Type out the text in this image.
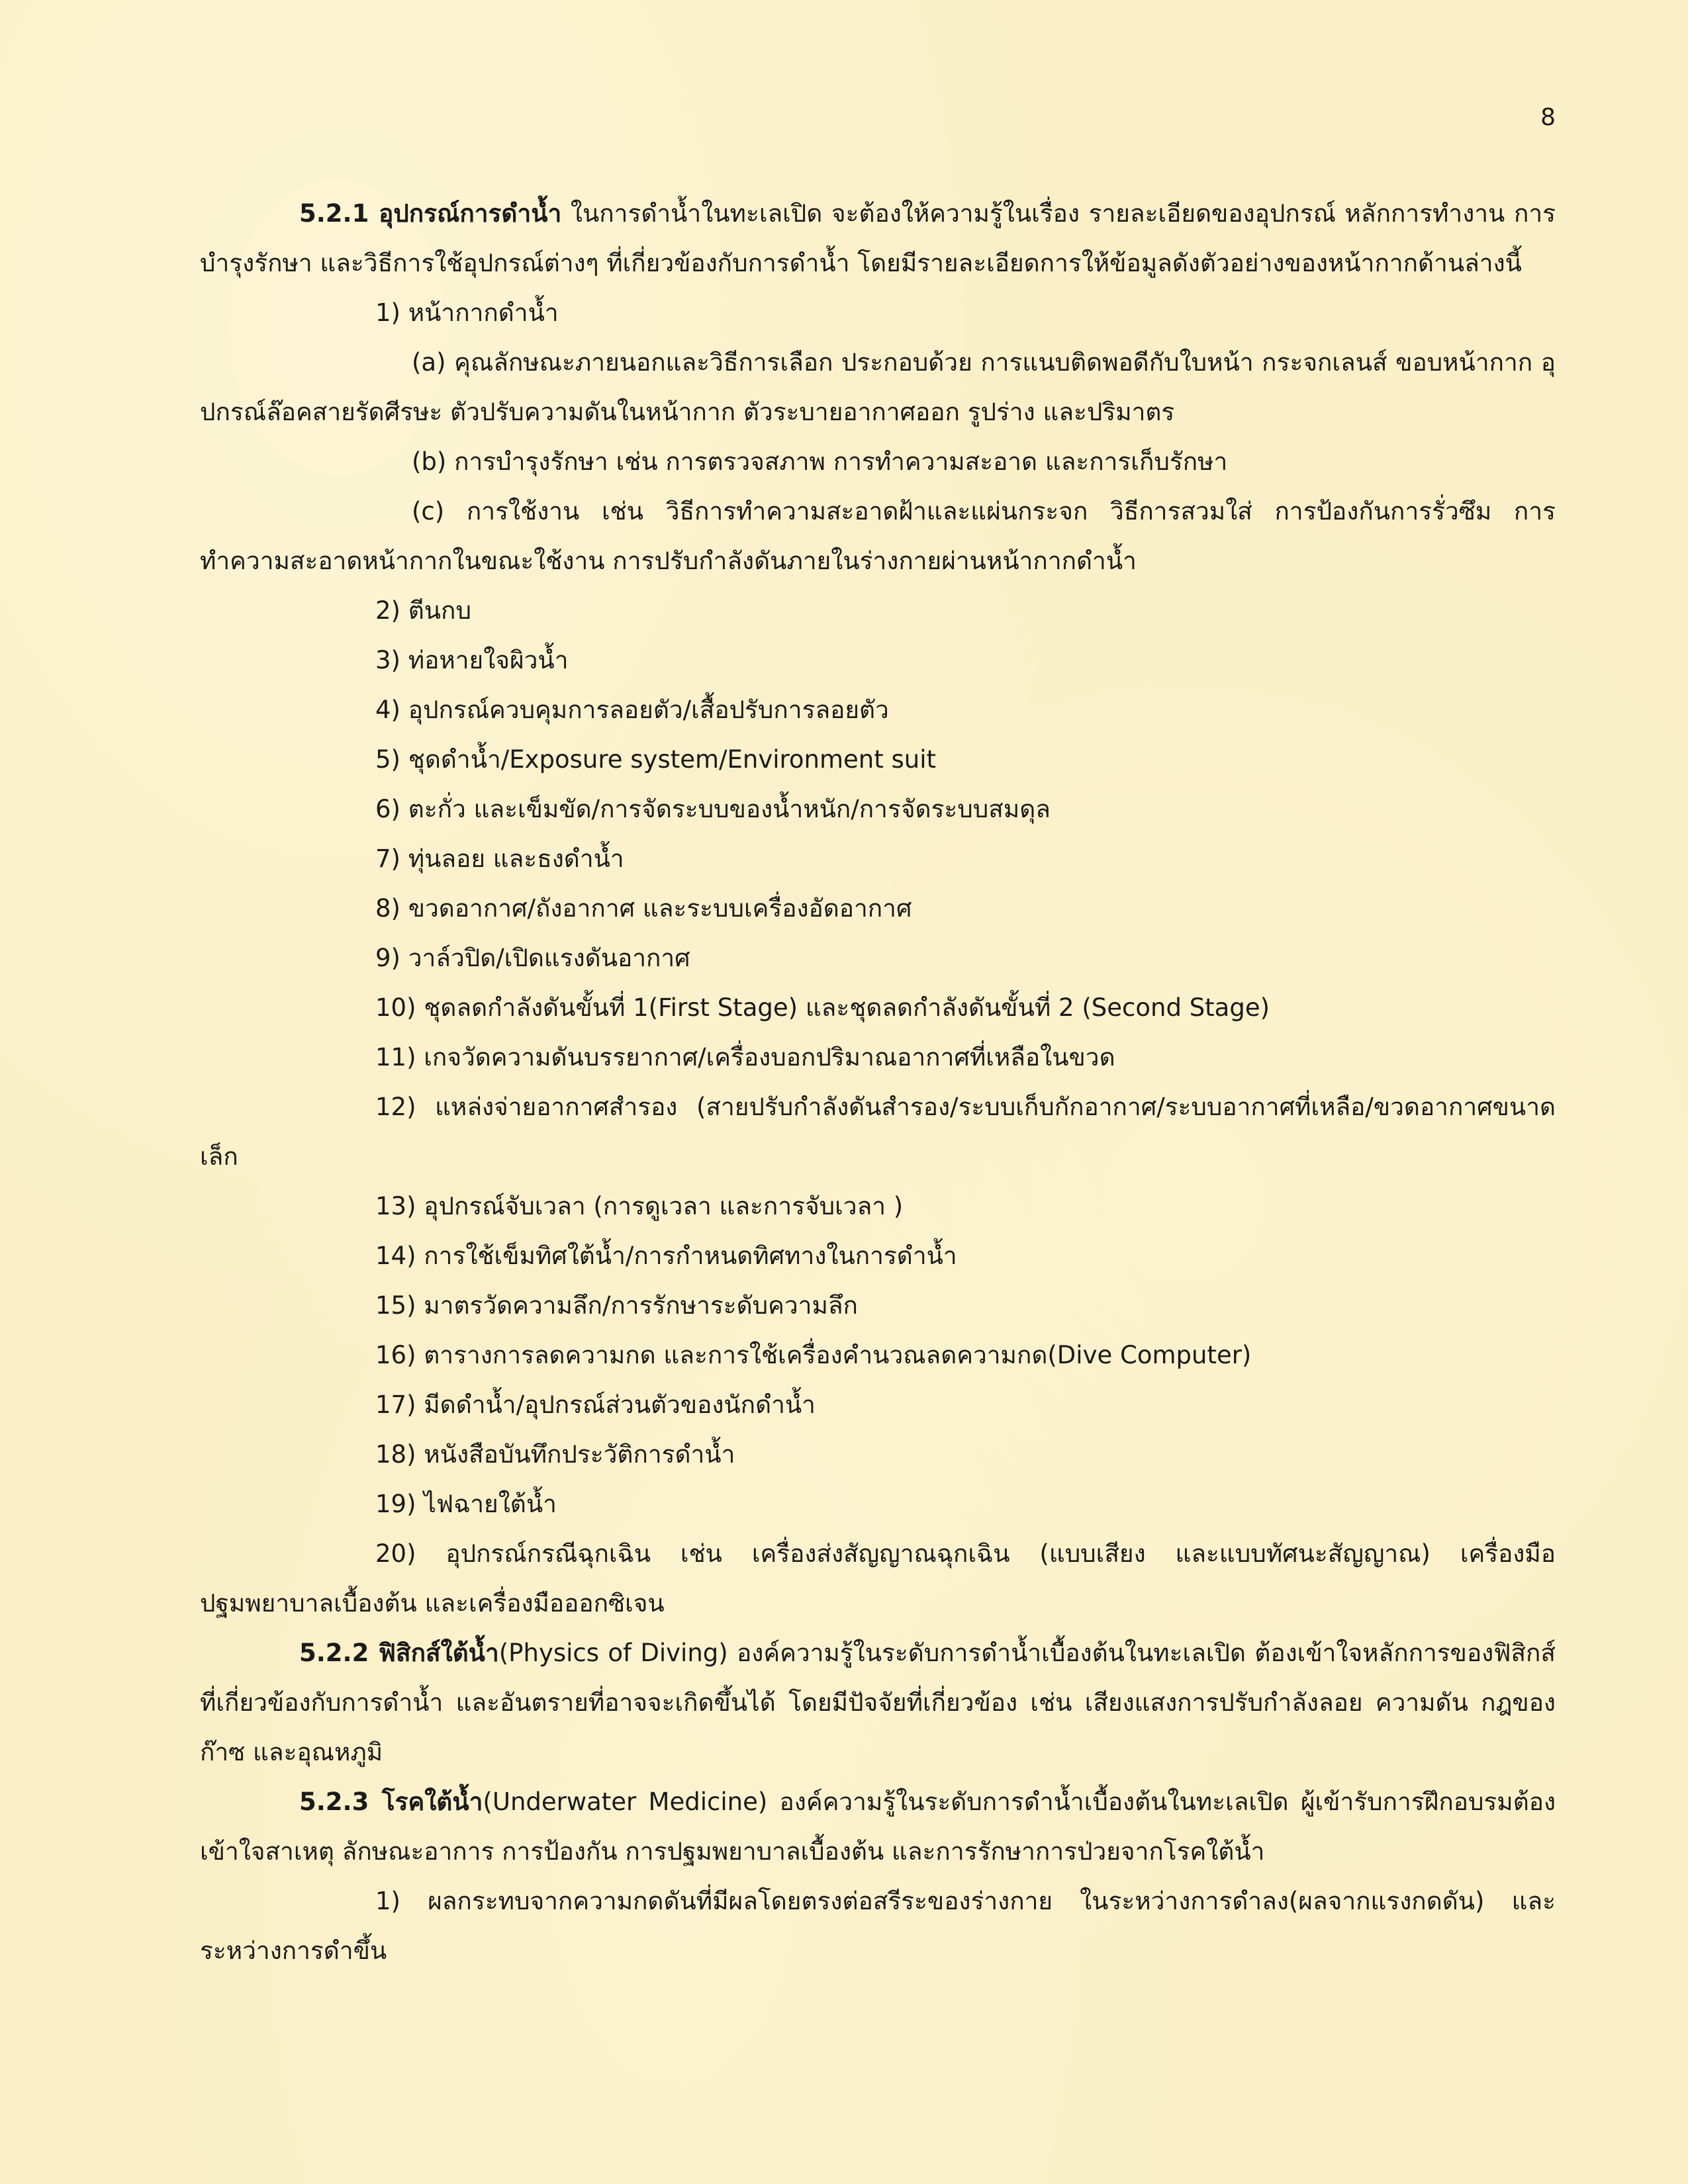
8

5.2.1 อุปกรณ์การดำน้ำ ในการดำน้ำในทะเลเปิด จะต้องให้ความรู้ในเรื่อง รายละเอียดของอุปกรณ์ หลักการทำงาน การบำรุงรักษา และวิธีการใช้อุปกรณ์ต่างๆ ที่เกี่ยวข้องกับการดำน้ำ โดยมีรายละเอียดการให้ข้อมูลดังตัวอย่างของหน้ากากด้านล่างนี้

1) หน้ากากดำน้ำ

(a) คุณลักษณะภายนอกและวิธีการเลือก ประกอบด้วย การแนบติดพอดีกับใบหน้า กระจกเลนส์ ขอบหน้ากาก อุปกรณ์ล๊อคสายรัดศีรษะ ตัวปรับความดันในหน้ากาก ตัวระบายอากาศออก รูปร่าง และปริมาตร

(b) การบำรุงรักษา เช่น การตรวจสภาพ การทำความสะอาด และการเก็บรักษา

(c) การใช้งาน เช่น วิธีการทำความสะอาดฝ้าและแผ่นกระจก วิธีการสวมใส่ การป้องกันการรั่วซึม การทำความสะอาดหน้ากากในขณะใช้งาน การปรับกำลังดันภายในร่างกายผ่านหน้ากากดำน้ำ

2) ตีนกบ

3) ท่อหายใจผิวน้ำ

4) อุปกรณ์ควบคุมการลอยตัว/เสื้อปรับการลอยตัว

5) ชุดดำน้ำ/Exposure system/Environment suit

6) ตะกั่ว และเข็มขัด/การจัดระบบของน้ำหนัก/การจัดระบบสมดุล

7) ทุ่นลอย และธงดำน้ำ

8) ขวดอากาศ/ถังอากาศ และระบบเครื่องอัดอากาศ

9) วาล์วปิด/เปิดแรงดันอากาศ

10) ชุดลดกำลังดันขั้นที่ 1(First Stage) และชุดลดกำลังดันขั้นที่ 2 (Second Stage)

11) เกจวัดความดันบรรยากาศ/เครื่องบอกปริมาณอากาศที่เหลือในขวด

12) แหล่งจ่ายอากาศสำรอง (สายปรับกำลังดันสำรอง/ระบบเก็บกักอากาศ/ระบบอากาศที่เหลือ/ขวดอากาศขนาดเล็ก

13) อุปกรณ์จับเวลา (การดูเวลา และการจับเวลา )

14) การใช้เข็มทิศใต้น้ำ/การกำหนดทิศทางในการดำน้ำ

15) มาตรวัดความลึก/การรักษาระดับความลึก

16) ตารางการลดความกด และการใช้เครื่องคำนวณลดความกด(Dive Computer)

17) มีดดำน้ำ/อุปกรณ์ส่วนตัวของนักดำน้ำ

18) หนังสือบันทึกประวัติการดำน้ำ

19) ไฟฉายใต้น้ำ

20) อุปกรณ์กรณีฉุกเฉิน เช่น เครื่องส่งสัญญาณฉุกเฉิน (แบบเสียง และแบบทัศนะสัญญาณ) เครื่องมือปฐมพยาบาลเบื้องต้น และเครื่องมือออกซิเจน

5.2.2 ฟิสิกส์ใต้น้ำ(Physics of Diving) องค์ความรู้ในระดับการดำน้ำเบื้องต้นในทะเลเปิด ต้องเข้าใจหลักการของฟิสิกส์ที่เกี่ยวข้องกับการดำน้ำ และอันตรายที่อาจจะเกิดขึ้นได้ โดยมีปัจจัยที่เกี่ยวข้อง เช่น เสียงแสงการปรับกำลังลอย ความดัน กฎของก๊าซ และอุณหภูมิ

5.2.3 โรคใต้น้ำ(Underwater Medicine) องค์ความรู้ในระดับการดำน้ำเบื้องต้นในทะเลเปิด ผู้เข้ารับการฝึกอบรมต้องเข้าใจสาเหตุ ลักษณะอาการ การป้องกัน การปฐมพยาบาลเบื้องต้น และการรักษาการป่วยจากโรคใต้น้ำ

1) ผลกระทบจากความกดดันที่มีผลโดยตรงต่อสรีระของร่างกาย ในระหว่างการดำลง(ผลจากแรงกดดัน) และระหว่างการดำขึ้น
